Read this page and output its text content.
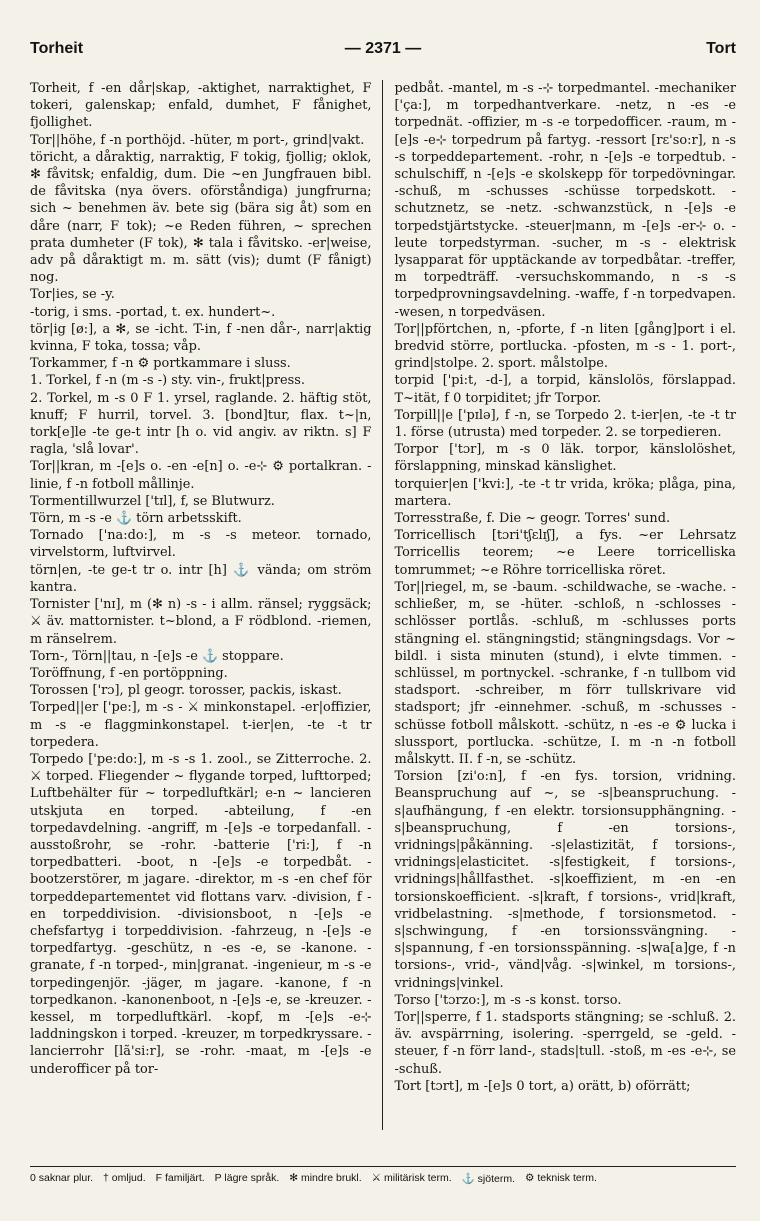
Torheit	Tort
— 2371 —

Torheit, f -en dår|skap, -aktighet, narraktighet, F tokeri, galenskap; enfald, dumhet, F fånighet, fjollighet.

Tor||höhe, f -n porthöjd. -hüter, m port-, grind|vakt.

töricht, a dåraktig, narraktig, F tokig, fjollig; oklok, ✻ fåvitsk; enfaldig, dum. Die ~en Jungfrauen bibl. de fåvitska (nya övers. oförståndiga) jungfrurna; sich ~ benehmen äv. bete sig (bära sig åt) som en dåre (narr, F tok); ~e Reden führen, ~ sprechen prata dumheter (F tok), ✻ tala i fåvitsko. -er|weise, adv på dåraktigt m. m. sätt (vis); dumt (F fånigt) nog.

Tor|ies, se -y.

-torig, i sms. -portad, t. ex. hundert~.

tör|ig [ø:], a ✻, se -icht. T-in, f -nen dår-, narr|aktig kvinna, F toka, tossa; våp.

Torkammer, f -n ⚙ portkammare i sluss.

1. Torkel, f -n (m -s -) sty. vin-, frukt|press.

2. Torkel, m -s 0 F 1. yrsel, raglande. 2. häftig stöt, knuff; F hurril, torvel. 3. [bond]tur, flax. t~|n, tork[e]le -te ge-t intr [h o. vid angiv. av riktn. s] F ragla, 'slå lovar'.

Tor||kran, m -[e]s o. -en -e[n] o. -e⊹ ⚙ portalkran. -linie, f -n fotboll mållinje.

Tormentillwurzel ['tɪl], f, se Blutwurz.

Törn, m -s -e ⚓ törn arbetsskift.

Tornado ['na:do:], m -s -s meteor. tornado, virvelstorm, luftvirvel.

törn|en, -te ge-t tr o. intr [h] ⚓ vända; om ström kantra.

Tornister ['nɪ], m (✻ n) -s - i allm. ränsel; ryggsäck; ⚔ äv. mattornister. t~blond, a F rödblond. -riemen, m ränselrem.

Torn-, Törn||tau, n -[e]s -e ⚓ stoppare.

Toröffnung, f -en portöppning.

Torossen ['rɔ], pl geogr. torosser, packis, iskast.

Torped||er ['pe:], m -s - ⚔ minkonstapel. -er|offizier, m -s -e flaggminkonstapel. t-ier|en, -te -t tr torpedera.

Torpedo ['pe:do:], m -s -s 1. zool., se Zitterroche. 2. ⚔ torped. Fliegender ~ flygande torped, lufttorped; Luftbehälter für ~ torpedluftkärl; e-n ~ lancieren utskjuta en torped. -abteilung, f -en torpedavdelning. -angriff, m -[e]s -e torpedanfall. -ausstoßrohr, se -rohr. -batterie ['ri:], f -n torpedbatteri. -boot, n -[e]s -e torpedbåt. -bootzerstörer, m jagare. -direktor, m -s -en chef för torpeddepartementet vid flottans varv. -division, f -en torpeddivision. -divisionsboot, n -[e]s -e chefsfartyg i torpeddivision. -fahrzeug, n -[e]s -e torpedfartyg. -geschütz, n -es -e, se -kanone. -granate, f -n torped-, min|granat. -ingenieur, m -s -e torpedingenjör. -jäger, m jagare. -kanone, f -n torpedkanon. -kanonenboot, n -[e]s -e, se -kreuzer. -kessel, m torpedluftkärl. -kopf, m -[e]s -e⊹ laddningskon i torped. -kreuzer, m torpedkryssare. -lancierrohr [lã'si:r], se -rohr. -maat, m -[e]s -e underofficer på tor-

pedbåt. -mantel, m -s -⊹ torpedmantel. -mechaniker ['ça:], m torpedhantverkare. -netz, n -es -e torpednät. -offizier, m -s -e torpedofficer. -raum, m -[e]s -e⊹ torpedrum på fartyg. -ressort [rɛ'so:r], n -s -s torpeddepartement. -rohr, n -[e]s -e torpedtub. -schulschiff, n -[e]s -e skolskepp för torpedövningar. -schuß, m -schusses -schüsse torpedskott. -schutznetz, se -netz. -schwanzstück, n -[e]s -e torpedstjärtstycke. -steuer|mann, m -[e]s -er⊹ o. -leute torpedstyrman. -sucher, m -s - elektrisk lysapparat för upptäckande av torpedbåtar. -treffer, m torpedträff. -versuchskommando, n -s -s torpedprovningsavdelning. -waffe, f -n torpedvapen. -wesen, n torpedväsen.

Tor||pförtchen, n, -pforte, f -n liten [gång]port i el. bredvid större, portlucka. -pfosten, m -s - 1. port-, grind|stolpe. 2. sport. målstolpe.

torpid ['pi:t, -d-], a torpid, känslolös, förslappad. T~ität, f 0 torpiditet; jfr Torpor.

Torpill||e ['pɪlə], f -n, se Torpedo 2. t-ier|en, -te -t tr 1. förse (utrusta) med torpeder. 2. se torpedieren.

Torpor ['tɔr], m -s 0 läk. torpor, känslolöshet, förslappning, minskad känslighet.

torquier|en ['kvi:], -te -t tr vrida, kröka; plåga, pina, martera.

Torresstraße, f. Die ~ geogr. Torres' sund.

Torricellisch [tɔri'tʃɛlɪʃ], a fys. ~er Lehrsatz Torricellis teorem; ~e Leere torricelliska tomrummet; ~e Röhre torricelliska röret.

Tor||riegel, m, se -baum. -schildwache, se -wache. -schließer, m, se -hüter. -schloß, n -schlosses -schlösser portlås. -schluß, m -schlusses ports stängning el. stängningstid; stängningsdags. Vor ~ bildl. i sista minuten (stund), i elvte timmen. -schlüssel, m portnyckel. -schranke, f -n tullbom vid stadsport. -schreiber, m förr tullskrivare vid stadsport; jfr -einnehmer. -schuß, m -schusses -schüsse fotboll målskott. -schütz, n -es -e ⚙ lucka i slussport, portlucka. -schütze, I. m -n -n fotboll målskytt. II. f -n, se -schütz.

Torsion [zi'o:n], f -en fys. torsion, vridning. Beanspruchung auf ~, se -s|beanspruchung. -s|aufhängung, f -en elektr. torsionsupphängning. -s|beanspruchung, f -en torsions-, vridnings|påkänning. -s|elastizität, f torsions-, vridnings|elasticitet. -s|festigkeit, f torsions-, vridnings|hållfasthet. -s|koeffizient, m -en -en torsionskoefficient. -s|kraft, f torsions-, vrid|kraft, vridbelastning. -s|methode, f torsionsmetod. -s|schwingung, f -en torsionssvängning. -s|spannung, f -en torsionsspänning. -s|wa[a]ge, f -n torsions-, vrid-, vänd|våg. -s|winkel, m torsions-, vridnings|vinkel.

Torso ['tɔrzo:], m -s -s konst. torso.

Tor||sperre, f 1. stadsports stängning; se -schluß. 2. äv. avspärrning, isolering. -sperrgeld, se -geld. -steuer, f -n förr land-, stads|tull. -stoß, m -es -e⊹, se -schuß.

Tort [tɔrt], m -[e]s 0 tort, a) orätt, b) oförrätt;

0 saknar plur. † omljud. F familjärt. P lägre språk. ✻ mindre brukl. ⚔ militärisk term. ⚓ sjöterm. ⚙ teknisk term.
